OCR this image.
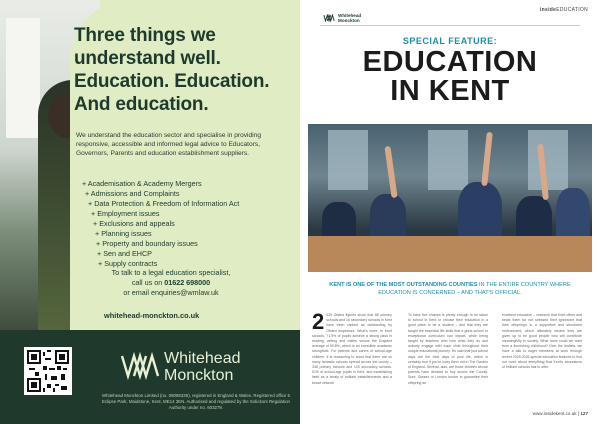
Three things we understand well. Education. Education. And education.

We understand the education sector and specialise in providing responsive, accessible and informed legal advice to Educators, Governors, Parents and education establishment suppliers.

+ Academisation & Academy Mergers
+ Admissions and Complaints
+ Data Protection & Freedom of Information Act
+ Employment issues
+ Exclusions and appeals
+ Planning issues
+ Property and boundary issues
+ Sen and EHCP
+ Supply contracts

To talk to a legal education specialist,
call us on 01622 698000
or email enquiries@wmlaw.uk

whitehead-monckton.co.uk

Whitehead
Monckton

Whitehead Monckton Limited (no. 08088336), registered in England & Wales. Registered office 5 Eclipse Park, Maidstone, Kent, ME14 3EN. Authorised and regulated by the Solicitors Regulation Authority under no. 603279.

insideEDUCATION

Whitehead
Monckton

SPECIAL FEATURE:

EDUCATION
IN KENT

KENT IS ONE OF THE MOST OUTSTANDING COUNTIES IN THE ENTIRE COUNTRY WHERE EDUCATION IS CONCERNED – AND THAT'S OFFICIAL.

2 025 Ofsted figures show that 88 primary schools and 16 secondary schools in Kent have been ranked as outstanding by Ofsted inspectors. What's more, in Kent schools, 71.9% of pupils achieve a strong pass in reading, writing and maths versus the England average of 59.8%, which is an incredible academic stronghold. For parents and carers of school-age children, it is reassuring to know that there are so many fantastic schools spread across the county – 348 primary schools and 103 secondary schools. 51% of school-age pupils in Kent, and establishing itself as a family of brilliant establishments and a broad network
To have five choices is plenty enough to be taken to school in Kent or choose their education in a good place to be a student – and that they are taught the essential life skills that a great school or exceptional curriculum can impart, while being taught by teachers who love what they do and actively engage with each child throughout their unique educational journey. It's said that just school days are the best days of your life, which is certainly true if you're lucky them out in The Garden of England. Several, alas, are those children whose parents have decided to buy across the County. Sure, Sussex or London border to guarantee their offspring an
excellent education – research that Kent offers and beats them for not stressed their ignorance that their offspring's in a supportive and structured environment, which ultimately means they are given up to be good people who will contribute meaningfully to society. What more could we want from a flourishing childhood? Over the leaflets, we have a talk to eager members at work through recent 2025-2026 special education features to find out more about everything that Kent's abundance of brilliant schools has to offer.

www.insidekent.co.uk | 127
